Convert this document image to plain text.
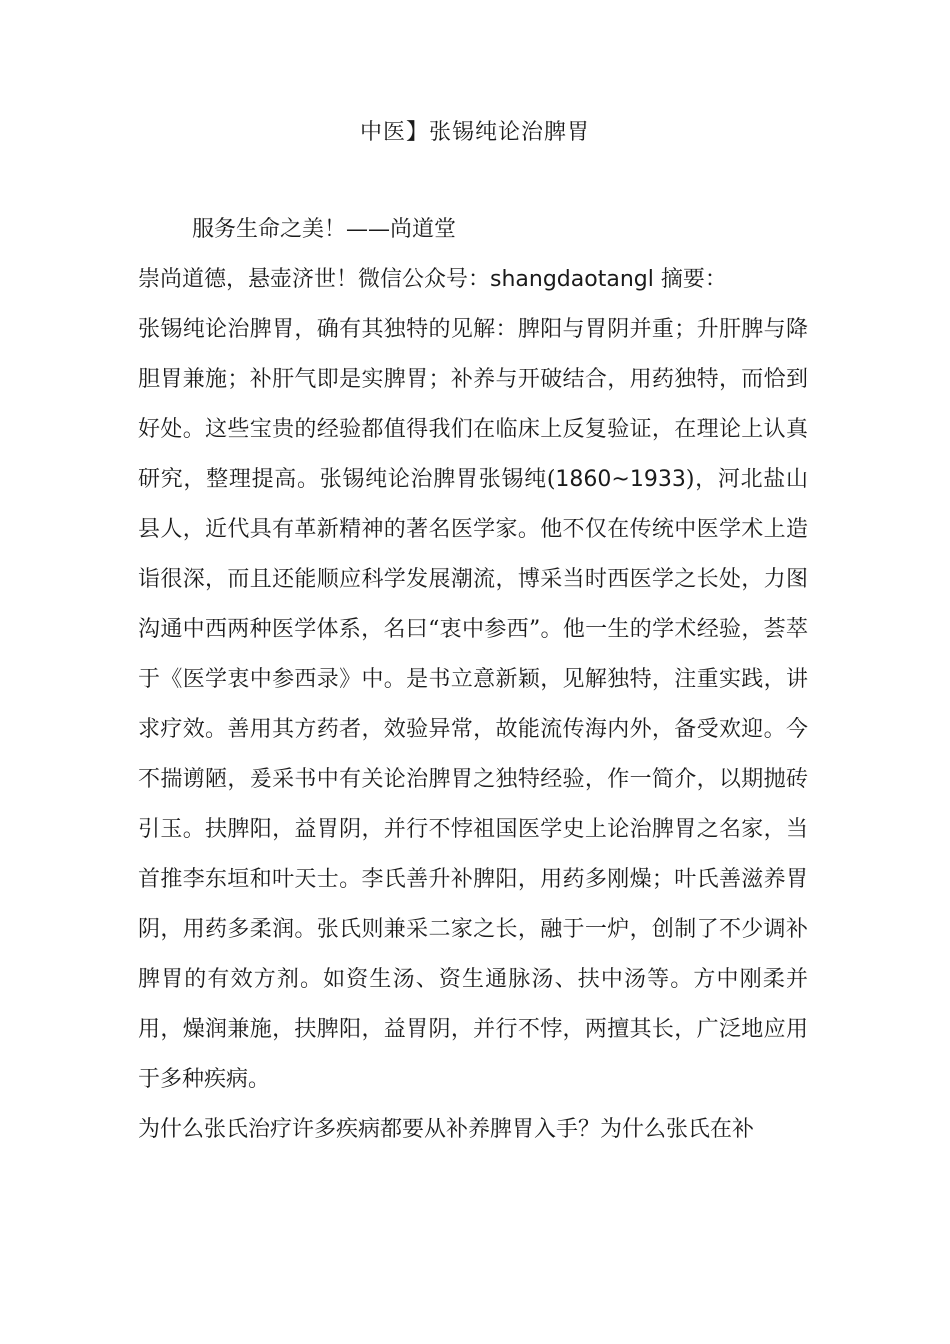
中医】张锡纯论治脾胃

服务生命之美！——尚道堂

崇尚道德，悬壶济世！微信公众号：shangdaotangl 摘要：

张锡纯论治脾胃，确有其独特的见解：脾阳与胃阴并重；升肝脾与降胆胃兼施；补肝气即是实脾胃；补养与开破结合，用药独特，而恰到好处。这些宝贵的经验都值得我们在临床上反复验证，在理论上认真研究，整理提高。张锡纯论治脾胃张锡纯(1860~1933)，河北盐山县人，近代具有革新精神的著名医学家。他不仅在传统中医学术上造诣很深，而且还能顺应科学发展潮流，博采当时西医学之长处，力图沟通中西两种医学体系，名曰“衷中参西”。他一生的学术经验，荟萃于《医学衷中参西录》中。是书立意新颖，见解独特，注重实践，讲求疗效。善用其方药者，效验异常，故能流传海内外，备受欢迎。今不揣谫陋，爰采书中有关论治脾胃之独特经验，作一简介，以期抛砖引玉。扶脾阳，益胃阴，并行不悖祖国医学史上论治脾胃之名家，当首推李东垣和叶天士。李氏善升补脾阳，用药多刚燥；叶氏善滋养胃阴，用药多柔润。张氏则兼采二家之长，融于一炉，创制了不少调补脾胃的有效方剂。如资生汤、资生通脉汤、扶中汤等。方中刚柔并用，燥润兼施，扶脾阳，益胃阴，并行不悖，两擅其长，广泛地应用于多种疾病。

为什么张氏治疗许多疾病都要从补养脾胃入手？为什么张氏在补
